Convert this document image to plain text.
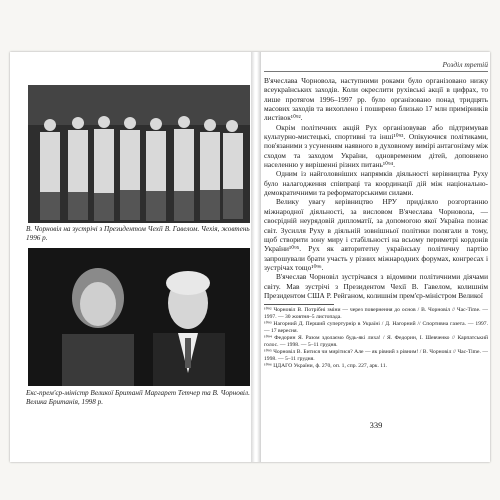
В. Чорновіл на зустрічі з Президентом Чехії В. Гавелом. Чехія, жовтень 1996 р.
Екс-прем'єр-міністр Великої Британії Маргарет Тетчер та В. Чорновіл. Велика Британія, 1998 р.
Розділ третій

В'ячеслава Чорновола, наступними роками було організовано низку всеукраїнських заходів. Коли окреслити рухівські акції в цифрах, то лише протягом 1996–1997 рр. було організовано понад тридцять масових заходів та вихоплено і поширено близько 17 млн примірників листівок¹⁰⁹².

Окрім політичних акцій Рух організовував або підтримував культурно-мистецькі, спортивні та інші¹⁰⁹³. Опікуючися політиками, пов'язаними з усуненням наявного в духовному вимірі антагонізму між сходом та заходом України, одновременим дітей, доповнено населенню у вирішенні різних питань¹⁰⁹⁴.

Одним із найголовніших напрямків діяльності керівництва Руху було налагодження співпраці та координації дій між національно-демократичними та реформаторськими силами.

Велику увагу керівництво НРУ приділяло розгортанню міжнародної діяльності, за висловом В'ячеслава Чорновола, — своєрідній неурядовій дипломатії, за допомогою якої Україна познає світ. Зусилля Руху в діяльній зовнішньої політики полягали в тому, щоб створити зону миру і стабільності на всьому периметрі кордонів України¹⁰⁹⁵. Рух як авторитетну українську політичну партію запрошували брати участь у різних міжнародних форумах, конгресах і зустрічах тощо¹⁰⁹⁶.

В'ячеслав Чорновіл зустрічався з відомими політичними діячами світу. Мав зустрічі з Президентом Чехії В. Гавелом, колишнім Президентом США Р. Рейганом, колишнім прем'єр-міністром Великої

¹⁰⁹² Чорновіл В. Потрібні зміни — через повернення до основ / В. Чорновіл // Час-Time. — 1997. — 30 жовтня–5 листопада.
¹⁰⁹³ Нагорний Д. Перший супертурнір в Україні / Д. Нагорний // Спортивна газета. — 1997. — 17 вересня.
¹⁰⁹⁴ Федорин Я. Разом здолаємо будь-які лиха! / Я. Федорин, І. Шевченко // Карпатський голос. — 1998. — 5–11 грудня.
¹⁰⁹⁵ Чорновіл В. Битися чи мирітися? Але — як рівний з рівним! / В. Чорновіл // Час-Time. — 1998. — 5–11 грудня.
¹⁰⁹⁶ ЦДАГО України, ф. 270, оп. 1, спр. 227, арк. 11.
339
